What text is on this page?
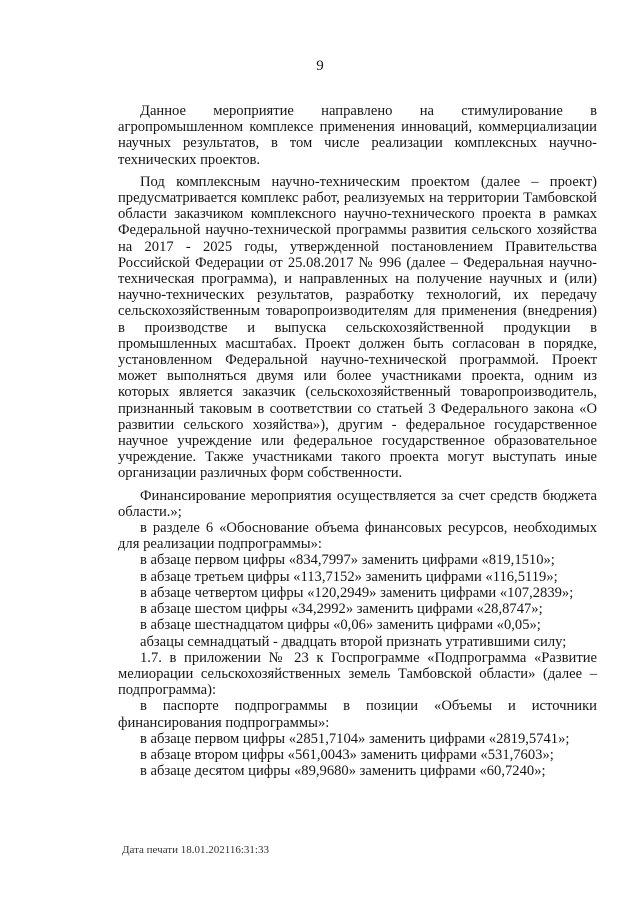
9

Данное мероприятие направлено на стимулирование в агропромышленном комплексе применения инноваций, коммерциализации научных результатов, в том числе реализации комплексных научно-технических проектов.

Под комплексным научно-техническим проектом (далее – проект) предусматривается комплекс работ, реализуемых на территории Тамбовской области заказчиком комплексного научно-технического проекта в рамках Федеральной научно-технической программы развития сельского хозяйства на 2017 - 2025 годы, утвержденной постановлением Правительства Российской Федерации от 25.08.2017 № 996 (далее – Федеральная научно-техническая программа), и направленных на получение научных и (или) научно-технических результатов, разработку технологий, их передачу сельскохозяйственным товаропроизводителям для применения (внедрения) в производстве и выпуска сельскохозяйственной продукции в промышленных масштабах. Проект должен быть согласован в порядке, установленном Федеральной научно-технической программой. Проект может выполняться двумя или более участниками проекта, одним из которых является заказчик (сельскохозяйственный товаропроизводитель, признанный таковым в соответствии со статьей 3 Федерального закона «О развитии сельского хозяйства»), другим - федеральное государственное научное учреждение или федеральное государственное образовательное учреждение. Также участниками такого проекта могут выступать иные организации различных форм собственности.

Финансирование мероприятия осуществляется за счет средств бюджета области.»;

в разделе 6 «Обоснование объема финансовых ресурсов, необходимых для реализации подпрограммы»:

в абзаце первом цифры «834,7997» заменить цифрами «819,1510»;

в абзаце третьем цифры «113,7152» заменить цифрами «116,5119»;

в абзаце четвертом цифры «120,2949» заменить цифрами «107,2839»;

в абзаце шестом цифры «34,2992» заменить цифрами «28,8747»;

в абзаце шестнадцатом цифры «0,06» заменить цифрами «0,05»;

абзацы семнадцатый - двадцать второй признать утратившими силу;

1.7. в приложении № 23 к Госпрограмме «Подпрограмма «Развитие мелиорации сельскохозяйственных земель Тамбовской области» (далее – подпрограмма):

в паспорте подпрограммы в позиции «Объемы и источники финансирования подпрограммы»:

в абзаце первом цифры «2851,7104» заменить цифрами «2819,5741»;

в абзаце втором цифры «561,0043» заменить цифрами «531,7603»;

в абзаце десятом цифры «89,9680» заменить цифрами «60,7240»;

Дата печати 18.01.202116:31:33
